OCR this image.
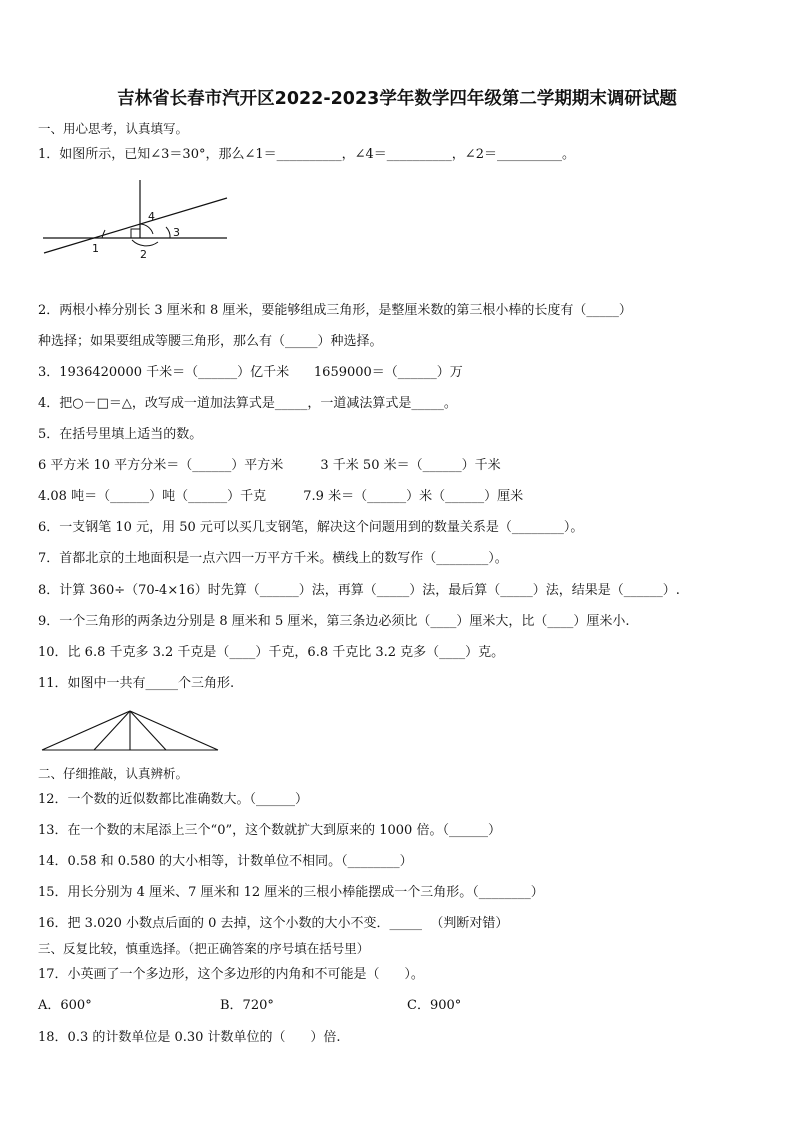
吉林省长春市汽开区2022-2023学年数学四年级第二学期期末调研试题
一、用心思考，认真填写。
1．如图所示，已知∠3＝30°，那么∠1＝__________，∠4＝__________，∠2＝__________。
1	2
3
4
2．两根小棒分别长 3 厘米和 8 厘米，要能够组成三角形，是整厘米数的第三根小棒的长度有（_____）
种选择；如果要组成等腰三角形，那么有（_____）种选择。
3．1936420000 千米＝（______）亿千米      1659000＝（______）万
4．把○－□＝△，改写成一道加法算式是_____，一道减法算式是_____。
5．在括号里填上适当的数。
6 平方米 10 平方分米＝（______）平方米         3 千米 50 米＝（______）千米
4.08 吨＝（______）吨（______）千克         7.9 米＝（______）米（______）厘米
6．一支钢笔 10 元，用 50 元可以买几支钢笔，解决这个问题用到的数量关系是（________）。
7．首都北京的土地面积是一点六四一万平方千米。横线上的数写作（________）。
8．计算 360÷（70-4×16）时先算（______）法，再算（_____）法，最后算（_____）法，结果是（______）.
9．一个三角形的两条边分别是 8 厘米和 5 厘米，第三条边必须比（____）厘米大，比（____）厘米小.
10．比 6.8 千克多 3.2 千克是（____）千克，6.8 千克比 3.2 克多（____）克。
11．如图中一共有_____个三角形.
二、仔细推敲，认真辨析。
12．一个数的近似数都比准确数大。（______）
13．在一个数的末尾添上三个“0”，这个数就扩大到原来的 1000 倍。（______）
14．0.58 和 0.580 的大小相等，计数单位不相同。（________）
15．用长分别为 4 厘米、7 厘米和 12 厘米的三根小棒能摆成一个三角形。（________）
16．把 3.020 小数点后面的 0 去掉，这个小数的大小不变．_____  （判断对错）
三、反复比较，慎重选择。（把正确答案的序号填在括号里）
17．小英画了一个多边形，这个多边形的内角和不可能是（      ）。
A．600°	B．720°	C．900°
18．0.3 的计数单位是 0.30 计数单位的（      ）倍.
